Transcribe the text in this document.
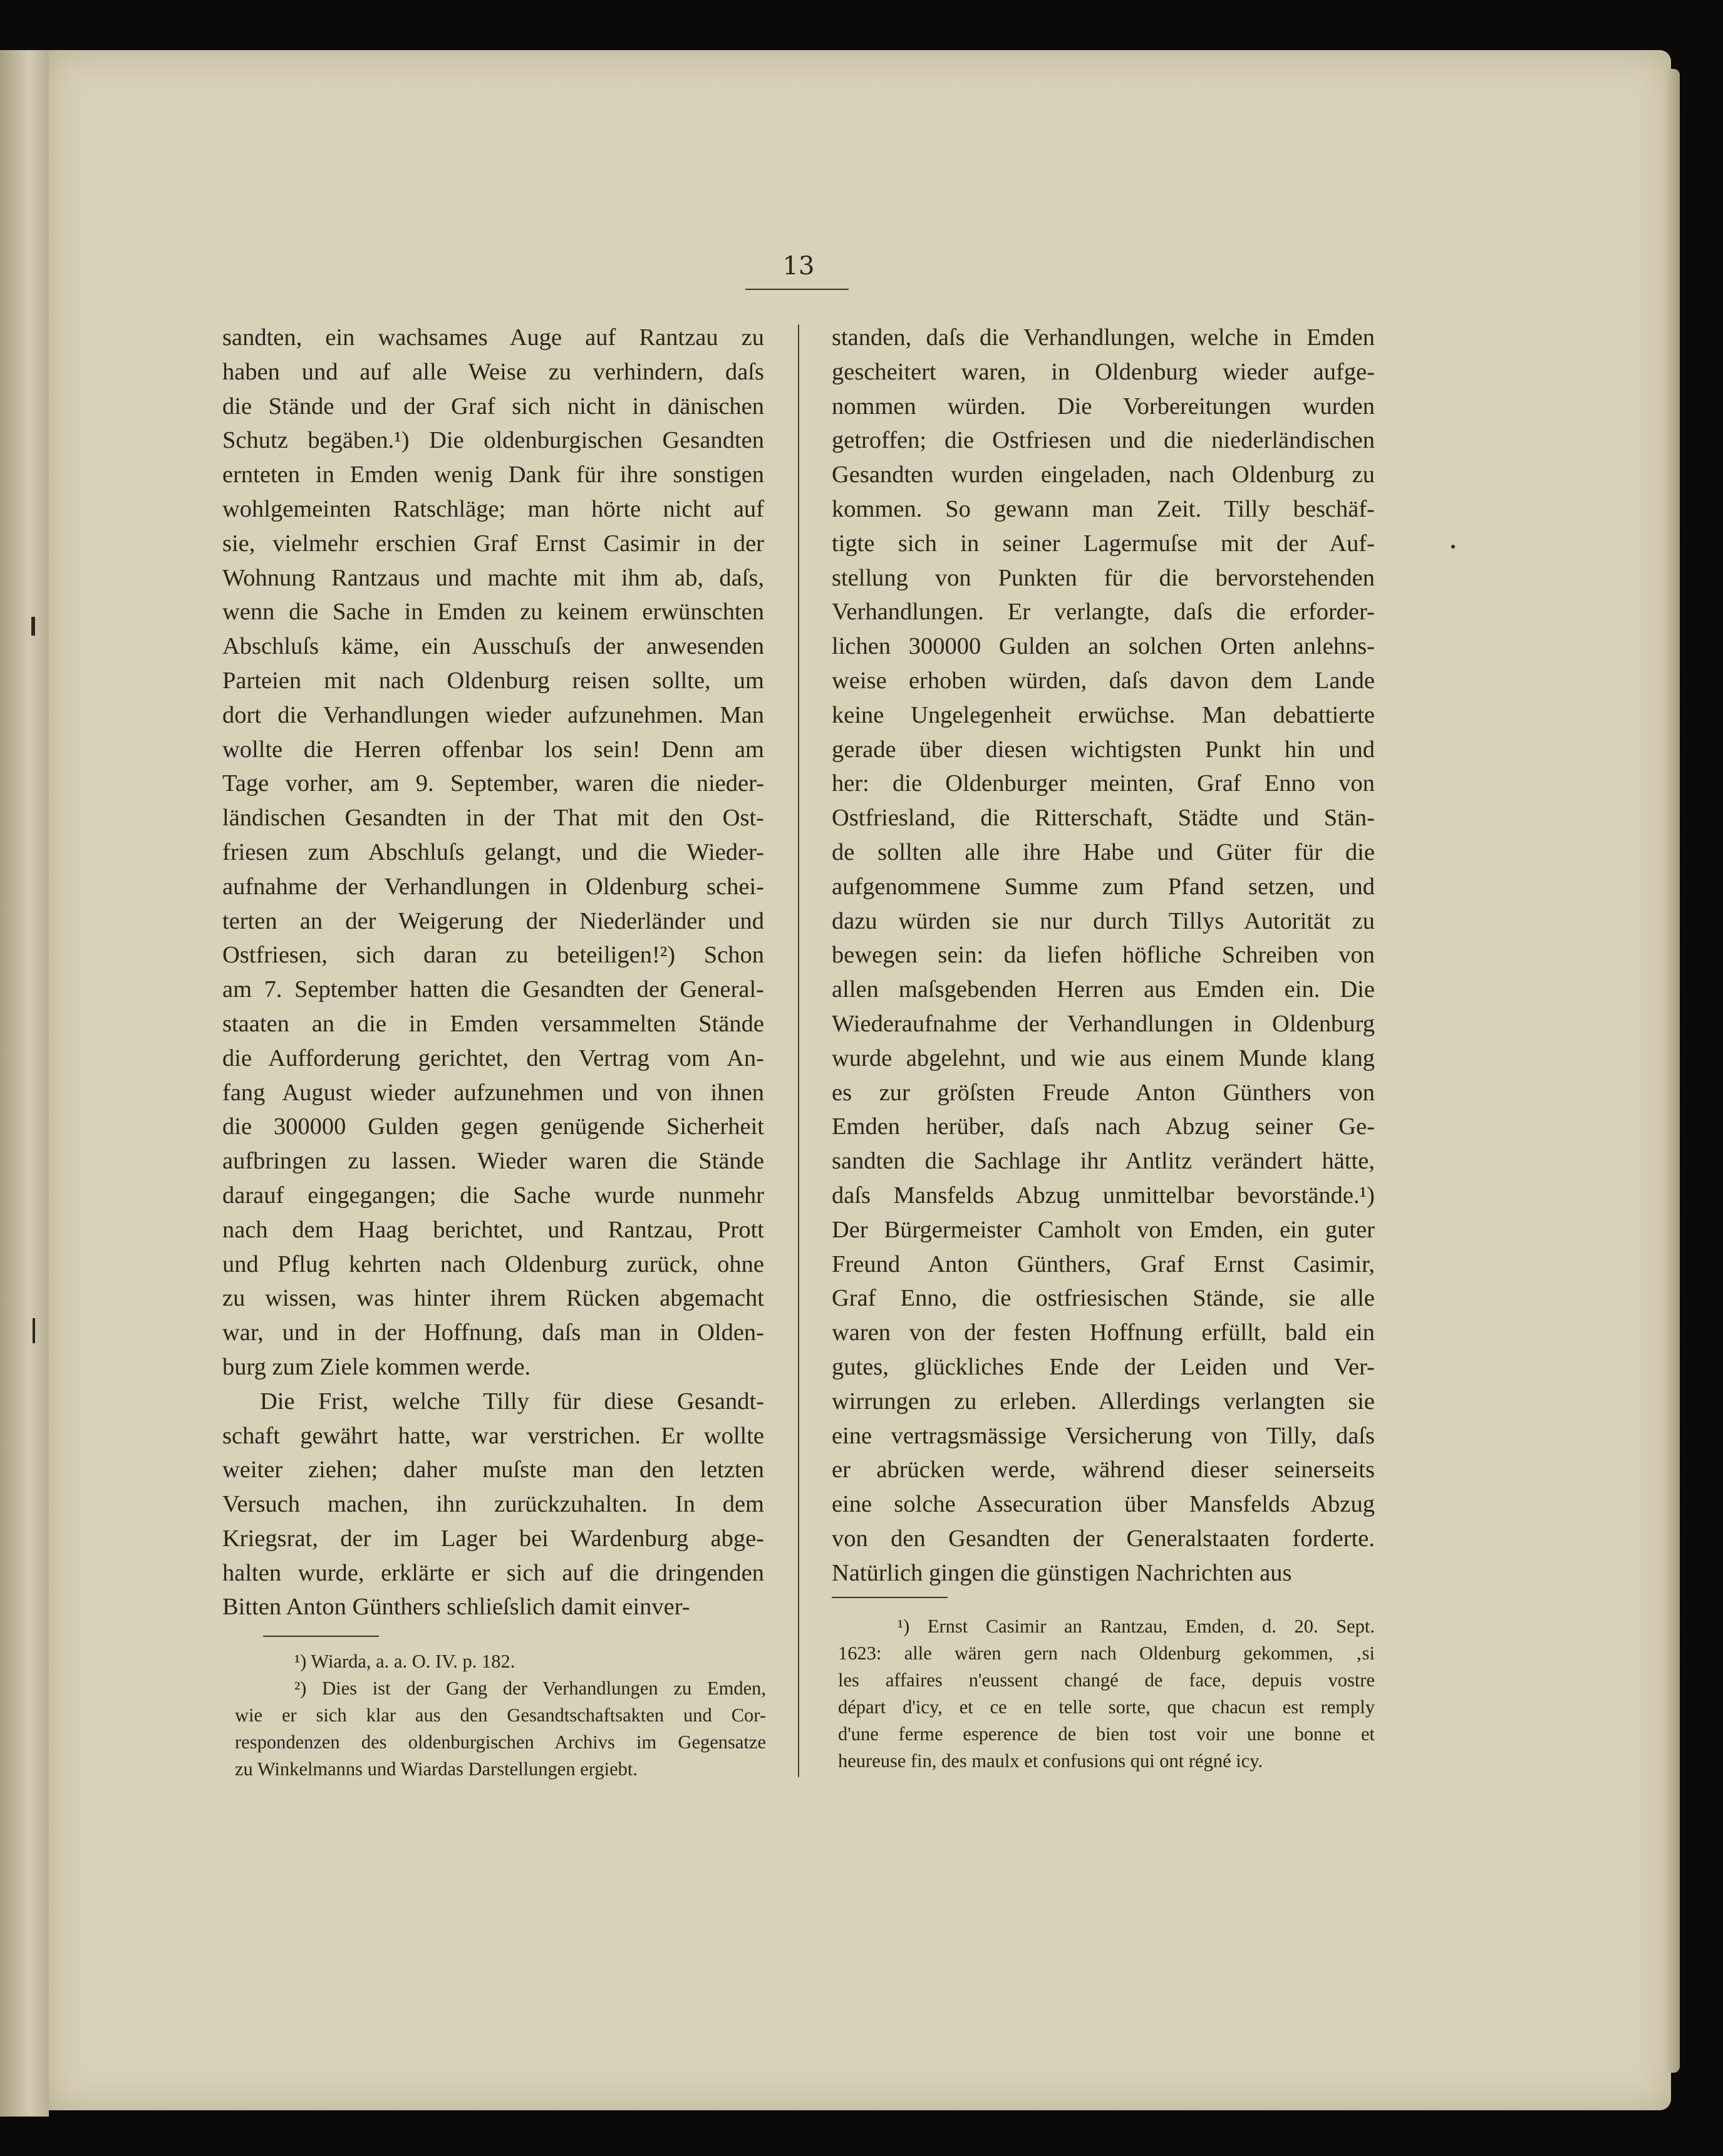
13
sandten, ein wachsames Auge auf Rantzau zu
haben und auf alle Weise zu verhindern, daſs
die Stände und der Graf sich nicht in dänischen
Schutz begäben.¹) Die oldenburgischen Gesandten
ernteten in Emden wenig Dank für ihre sonstigen
wohlgemeinten Ratschläge; man hörte nicht auf
sie, vielmehr erschien Graf Ernst Casimir in der
Wohnung Rantzaus und machte mit ihm ab, daſs,
wenn die Sache in Emden zu keinem erwünschten
Abschluſs käme, ein Ausschuſs der anwesenden
Parteien mit nach Oldenburg reisen sollte, um
dort die Verhandlungen wieder aufzunehmen. Man
wollte die Herren offenbar los sein! Denn am
Tage vorher, am 9. September, waren die nieder-
ländischen Gesandten in der That mit den Ost-
friesen zum Abschluſs gelangt, und die Wieder-
aufnahme der Verhandlungen in Oldenburg schei-
terten an der Weigerung der Niederländer und
Ostfriesen, sich daran zu beteiligen!²) Schon
am 7. September hatten die Gesandten der General-
staaten an die in Emden versammelten Stände
die Aufforderung gerichtet, den Vertrag vom An-
fang August wieder aufzunehmen und von ihnen
die 300000 Gulden gegen genügende Sicherheit
aufbringen zu lassen. Wieder waren die Stände
darauf eingegangen; die Sache wurde nunmehr
nach dem Haag berichtet, und Rantzau, Prott
und Pflug kehrten nach Oldenburg zurück, ohne
zu wissen, was hinter ihrem Rücken abgemacht
war, und in der Hoffnung, daſs man in Olden-
burg zum Ziele kommen werde.
Die Frist, welche Tilly für diese Gesandt-
schaft gewährt hatte, war verstrichen. Er wollte
weiter ziehen; daher muſste man den letzten
Versuch machen, ihn zurückzuhalten. In dem
Kriegsrat, der im Lager bei Wardenburg abge-
halten wurde, erklärte er sich auf die dringenden
Bitten Anton Günthers schlieſslich damit einver-
standen, daſs die Verhandlungen, welche in Emden
gescheitert waren, in Oldenburg wieder aufge-
nommen würden. Die Vorbereitungen wurden
getroffen; die Ostfriesen und die niederländischen
Gesandten wurden eingeladen, nach Oldenburg zu
kommen. So gewann man Zeit. Tilly beschäf-
tigte sich in seiner Lagermuſse mit der Auf-
stellung von Punkten für die bervorstehenden
Verhandlungen. Er verlangte, daſs die erforder-
lichen 300000 Gulden an solchen Orten anlehns-
weise erhoben würden, daſs davon dem Lande
keine Ungelegenheit erwüchse. Man debattierte
gerade über diesen wichtigsten Punkt hin und
her: die Oldenburger meinten, Graf Enno von
Ostfriesland, die Ritterschaft, Städte und Stän-
de sollten alle ihre Habe und Güter für die
aufgenommene Summe zum Pfand setzen, und
dazu würden sie nur durch Tillys Autorität zu
bewegen sein: da liefen höfliche Schreiben von
allen maſsgebenden Herren aus Emden ein. Die
Wiederaufnahme der Verhandlungen in Oldenburg
wurde abgelehnt, und wie aus einem Munde klang
es zur gröſsten Freude Anton Günthers von
Emden herüber, daſs nach Abzug seiner Ge-
sandten die Sachlage ihr Antlitz verändert hätte,
daſs Mansfelds Abzug unmittelbar bevorstände.¹)
Der Bürgermeister Camholt von Emden, ein guter
Freund Anton Günthers, Graf Ernst Casimir,
Graf Enno, die ostfriesischen Stände, sie alle
waren von der festen Hoffnung erfüllt, bald ein
gutes, glückliches Ende der Leiden und Ver-
wirrungen zu erleben. Allerdings verlangten sie
eine vertragsmässige Versicherung von Tilly, daſs
er abrücken werde, während dieser seinerseits
eine solche Assecuration über Mansfelds Abzug
von den Gesandten der Generalstaaten forderte.
Natürlich gingen die günstigen Nachrichten aus
¹) Wiarda, a. a. O. IV. p. 182.
²) Dies ist der Gang der Verhandlungen zu Emden,
wie er sich klar aus den Gesandtschaftsakten und Cor-
respondenzen des oldenburgischen Archivs im Gegensatze
zu Winkelmanns und Wiardas Darstellungen ergiebt.
¹) Ernst Casimir an Rantzau, Emden, d. 20. Sept.
1623: alle wären gern nach Oldenburg gekommen, ‚si
les affaires n'eussent changé de face, depuis vostre
départ d'icy, et ce en telle sorte, que chacun est remply
d'une ferme esperence de bien tost voir une bonne et
heureuse fin, des maulx et confusions qui ont régné icy.
